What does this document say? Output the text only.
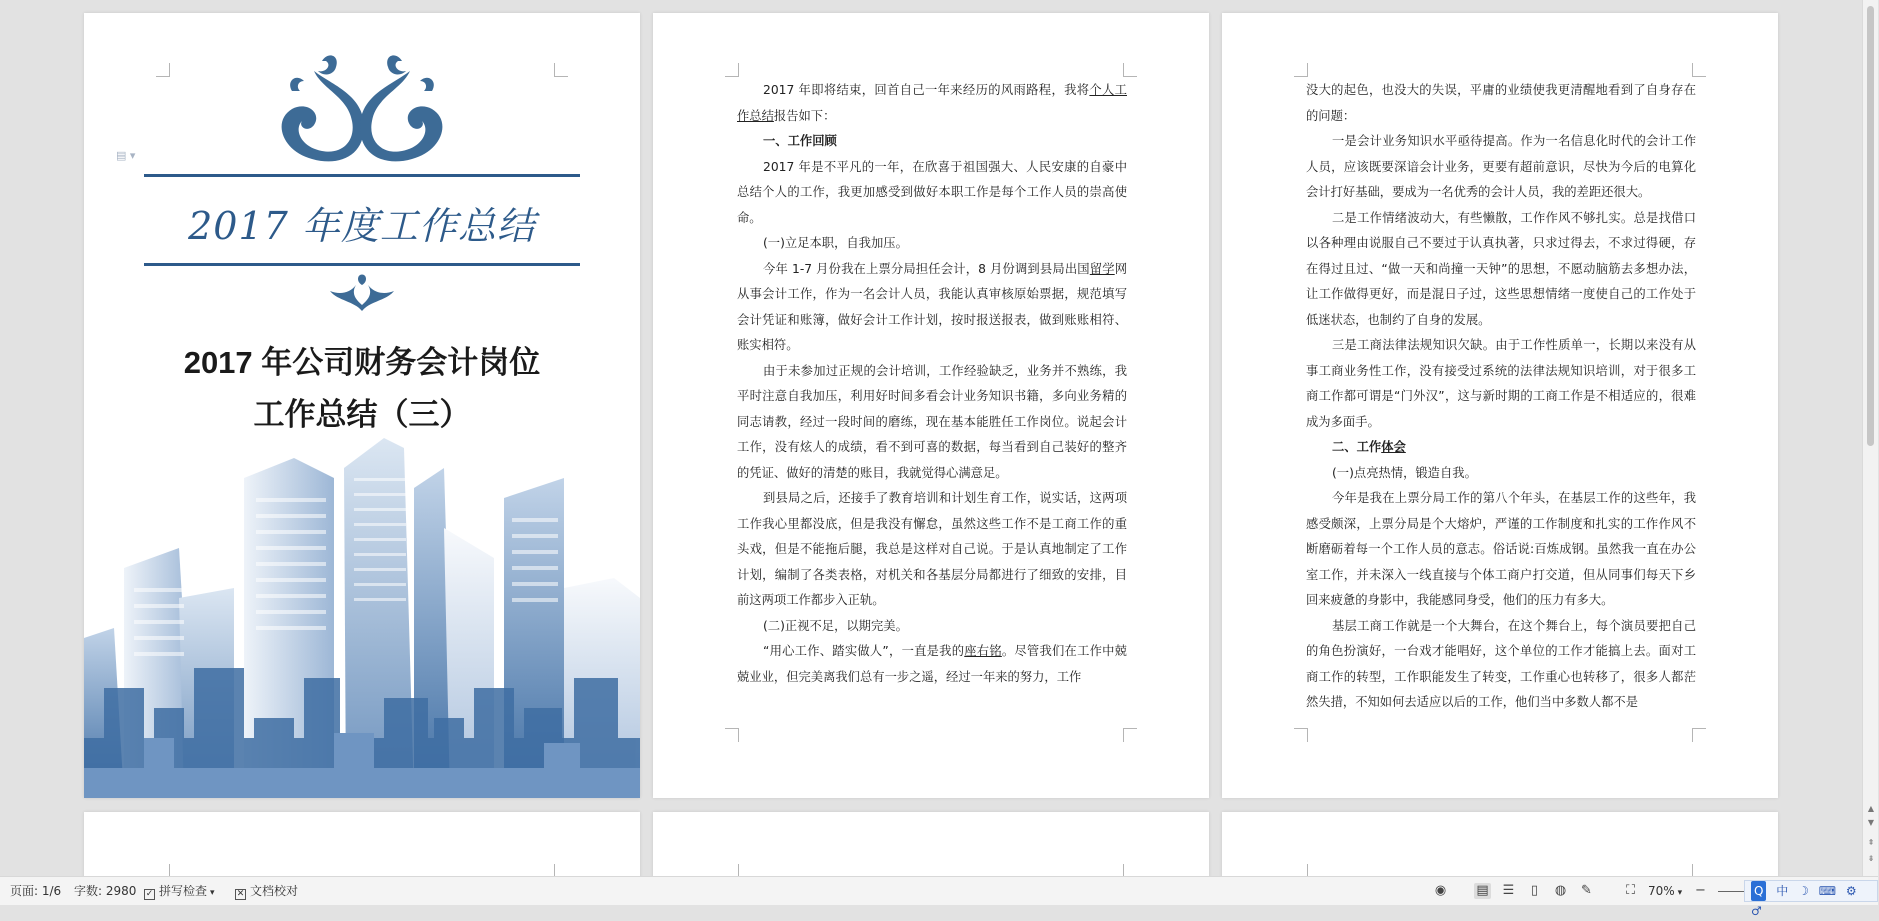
▤ ▾
2017 年度工作总结
2017 年公司财务会计岗位
工作总结（三）

2017 年即将结束，回首自己一年来经历的风雨路程，我将个人工作总结报告如下：

一、工作回顾

2017 年是不平凡的一年，在欣喜于祖国强大、人民安康的自豪中总结个人的工作，我更加感受到做好本职工作是每个工作人员的崇高使命。

(一)立足本职，自我加压。

今年 1-7 月份我在上票分局担任会计，8 月份调到县局出国留学网从事会计工作，作为一名会计人员，我能认真审核原始票据，规范填写会计凭证和账簿，做好会计工作计划，按时报送报表，做到账账相符、账实相符。

由于未参加过正规的会计培训，工作经验缺乏，业务并不熟练，我平时注意自我加压，利用好时间多看会计业务知识书籍，多向业务精的同志请教，经过一段时间的磨练，现在基本能胜任工作岗位。说起会计工作，没有炫人的成绩，看不到可喜的数据，每当看到自己装好的整齐的凭证、做好的清楚的账目，我就觉得心满意足。

到县局之后，还接手了教育培训和计划生育工作，说实话，这两项工作我心里都没底，但是我没有懈怠，虽然这些工作不是工商工作的重头戏，但是不能拖后腿，我总是这样对自己说。于是认真地制定了工作计划，编制了各类表格，对机关和各基层分局都进行了细致的安排，目前这两项工作都步入正轨。

(二)正视不足，以期完美。

“用心工作、踏实做人”，一直是我的座右铭。尽管我们在工作中兢兢业业，但完美离我们总有一步之遥，经过一年来的努力，工作

没大的起色，也没大的失误，平庸的业绩使我更清醒地看到了自身存在的问题：

一是会计业务知识水平亟待提高。作为一名信息化时代的会计工作人员，应该既要深谙会计业务，更要有超前意识，尽快为今后的电算化会计打好基础，要成为一名优秀的会计人员，我的差距还很大。

二是工作情绪波动大，有些懒散，工作作风不够扎实。总是找借口以各种理由说服自己不要过于认真执著，只求过得去，不求过得硬，存在得过且过、“做一天和尚撞一天钟”的思想，不愿动脑筋去多想办法，让工作做得更好，而是混日子过，这些思想情绪一度使自己的工作处于低迷状态，也制约了自身的发展。

三是工商法律法规知识欠缺。由于工作性质单一，长期以来没有从事工商业务性工作，没有接受过系统的法律法规知识培训，对于很多工商工作都可谓是“门外汉”，这与新时期的工商工作是不相适应的，很难成为多面手。

二、工作体会

(一)点亮热情，锻造自我。

今年是我在上票分局工作的第八个年头，在基层工作的这些年，我感受颇深，上票分局是个大熔炉，严谨的工作制度和扎实的工作作风不断磨砺着每一个工作人员的意志。俗话说:百炼成钢。虽然我一直在办公室工作，并未深入一线直接与个体工商户打交道，但从同事们每天下乡回来疲惫的身影中，我能感同身受，他们的压力有多大。

基层工商工作就是一个大舞台，在这个舞台上，每个演员要把自己的角色扮演好，一台戏才能唱好，这个单位的工作才能搞上去。面对工商工作的转型，工作职能发生了转变，工作重心也转移了，很多人都茫然失措，不知如何去适应以后的工作，他们当中多数人都不是

▲
▼
⇞
⇟
页面: 1/6 字数: 2980 ✓ 拼写检查 ▾ ✕ 文档校对	◉ ▤ ☰	▯	◍ ✎	⛶	70% ▾ −	Q 中 ☽ ⌨ ⚙ ♂
